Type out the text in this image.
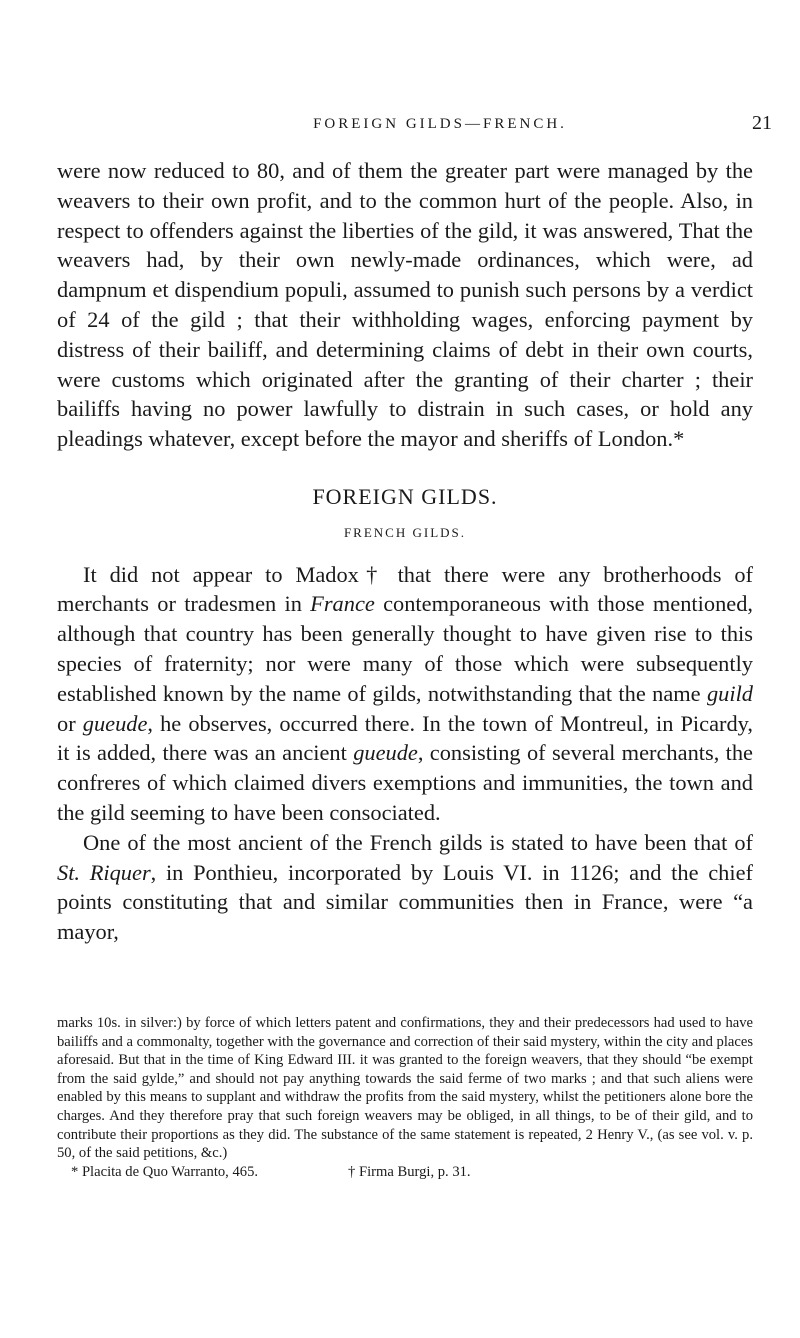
FOREIGN GILDS—FRENCH.	21

were now reduced to 80, and of them the greater part were managed by the weavers to their own profit, and to the common hurt of the people. Also, in respect to offenders against the liberties of the gild, it was answered, That the weavers had, by their own newly-made ordinances, which were, ad dampnum et dispendium populi, assumed to punish such persons by a verdict of 24 of the gild ; that their withholding wages, enforcing payment by distress of their bailiff, and determining claims of debt in their own courts, were customs which originated after the granting of their charter ; their bailiffs having no power lawfully to distrain in such cases, or hold any pleadings whatever, except before the mayor and sheriffs of London.*

FOREIGN GILDS.
FRENCH GILDS.

It did not appear to Madox† that there were any brotherhoods of merchants or tradesmen in France contemporaneous with those mentioned, although that country has been generally thought to have given rise to this species of fraternity; nor were many of those which were subsequently established known by the name of gilds, notwithstanding that the name guild or gueude, he observes, occurred there. In the town of Montreul, in Picardy, it is added, there was an ancient gueude, consisting of several merchants, the confreres of which claimed divers exemptions and immunities, the town and the gild seeming to have been consociated.

One of the most ancient of the French gilds is stated to have been that of St. Riquer, in Ponthieu, incorporated by Louis VI. in 1126; and the chief points constituting that and similar communities then in France, were “a mayor,

marks 10s. in silver:) by force of which letters patent and confirmations, they and their predecessors had used to have bailiffs and a commonalty, together with the governance and correction of their said mystery, within the city and places aforesaid. But that in the time of King Edward III. it was granted to the foreign weavers, that they should “be exempt from the said gylde,” and should not pay anything towards the said ferme of two marks ; and that such aliens were enabled by this means to supplant and withdraw the profits from the said mystery, whilst the petitioners alone bore the charges. And they therefore pray that such foreign weavers may be obliged, in all things, to be of their gild, and to contribute their proportions as they did. The substance of the same statement is repeated, 2 Henry V., (as see vol. v. p. 50, of the said petitions, &c.)

* Placita de Quo Warranto, 465.	† Firma Burgi, p. 31.
